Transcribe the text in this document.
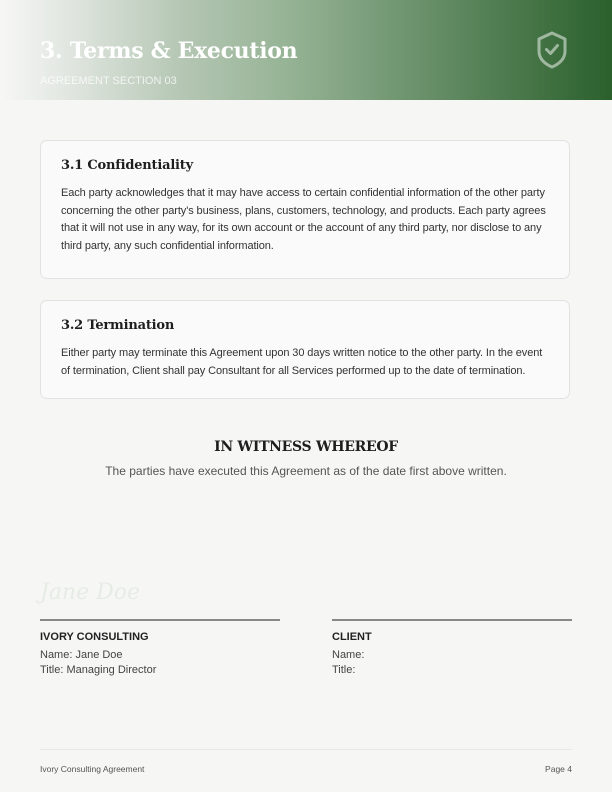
3. Terms & Execution
AGREEMENT SECTION 03
3.1 Confidentiality
Each party acknowledges that it may have access to certain confidential information of the other party concerning the other party's business, plans, customers, technology, and products. Each party agrees that it will not use in any way, for its own account or the account of any third party, nor disclose to any third party, any such confidential information.
3.2 Termination
Either party may terminate this Agreement upon 30 days written notice to the other party. In the event of termination, Client shall pay Consultant for all Services performed up to the date of termination.
IN WITNESS WHEREOF
The parties have executed this Agreement as of the date first above written.
Jane Doe
IVORY CONSULTING
Name: Jane Doe
Title: Managing Director
CLIENT
Name:
Title:
Ivory Consulting Agreement	Page 4
